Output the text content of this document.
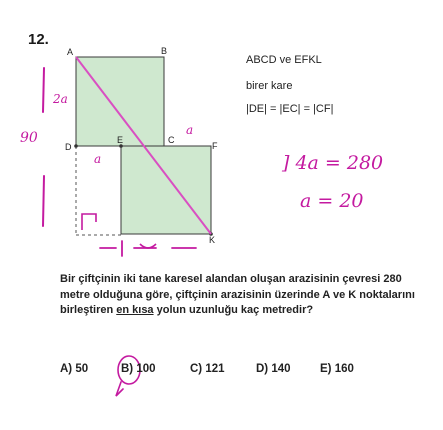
12.
A	B
D
E	C
F
K
2a
90	a
a
ABCD ve EFKL
birer kare
|DE| = |EC| = |CF|
] 4a = 280
a = 20
Bir çiftçinin iki tane karesel alandan oluşan arazisinin çevresi 280 metre olduğuna göre, çiftçinin arazisinin üzerinde A ve K noktalarını birleştiren en kısa yolun uzunluğu kaç metredir?
A) 50	B) 100	C) 121	D) 140	E) 160
